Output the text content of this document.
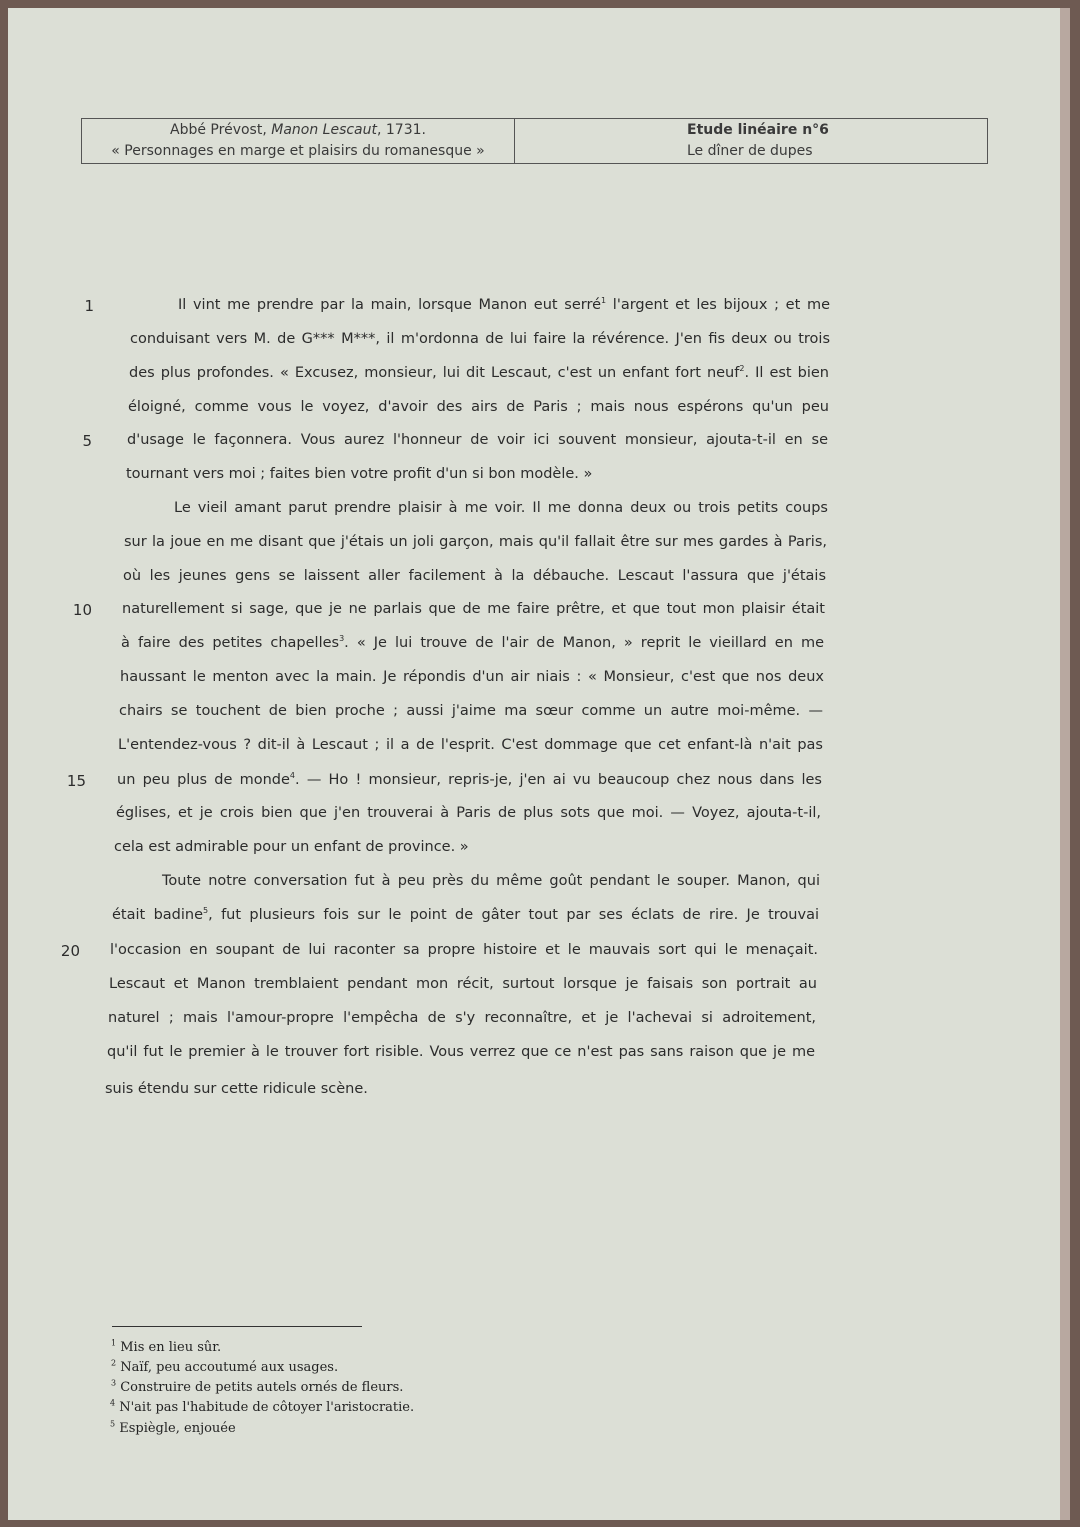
Abbé Prévost, Manon Lescaut, 1731.
« Personnages en marge et plaisirs du romanesque »
Etude linéaire n°6
Le dîner de dupes
1
5
10
15
20
Il vint me prendre par la main, lorsque Manon eut serré$^1$ l'argent et les bijoux ; et me
conduisant vers M. de G*** M***, il m'ordonna de lui faire la révérence. J'en fis deux ou trois
des plus profondes. « Excusez, monsieur, lui dit Lescaut, c'est un enfant fort neuf$^2$. Il est bien
éloigné, comme vous le voyez, d'avoir des airs de Paris ; mais nous espérons qu'un peu
d'usage le façonnera. Vous aurez l'honneur de voir ici souvent monsieur, ajouta-t-il en se
tournant vers moi ; faites bien votre profit d'un si bon modèle. »
Le vieil amant parut prendre plaisir à me voir. Il me donna deux ou trois petits coups
sur la joue en me disant que j'étais un joli garçon, mais qu'il fallait être sur mes gardes à Paris,
où les jeunes gens se laissent aller facilement à la débauche. Lescaut l'assura que j'étais
naturellement si sage, que je ne parlais que de me faire prêtre, et que tout mon plaisir était
à faire des petites chapelles$^3$. « Je lui trouve de l'air de Manon, » reprit le vieillard en me
haussant le menton avec la main. Je répondis d'un air niais : « Monsieur, c'est que nos deux
chairs se touchent de bien proche ; aussi j'aime ma sœur comme un autre moi-même. —
L'entendez-vous ? dit-il à Lescaut ; il a de l'esprit. C'est dommage que cet enfant-là n'ait pas
un peu plus de monde$^4$. — Ho ! monsieur, repris-je, j'en ai vu beaucoup chez nous dans les
églises, et je crois bien que j'en trouverai à Paris de plus sots que moi. — Voyez, ajouta-t-il,
cela est admirable pour un enfant de province. »
Toute notre conversation fut à peu près du même goût pendant le souper. Manon, qui
était badine$^5$, fut plusieurs fois sur le point de gâter tout par ses éclats de rire. Je trouvai
l'occasion en soupant de lui raconter sa propre histoire et le mauvais sort qui le menaçait.
Lescaut et Manon tremblaient pendant mon récit, surtout lorsque je faisais son portrait au
naturel ; mais l'amour-propre l'empêcha de s'y reconnaître, et je l'achevai si adroitement,
qu'il fut le premier à le trouver fort risible. Vous verrez que ce n'est pas sans raison que je me
suis étendu sur cette ridicule scène.
$^1$ Mis en lieu sûr.
$^2$ Naïf, peu accoutumé aux usages.
$^3$ Construire de petits autels ornés de fleurs.
$^4$ N'ait pas l'habitude de côtoyer l'aristocratie.
$^5$ Espiègle, enjouée
